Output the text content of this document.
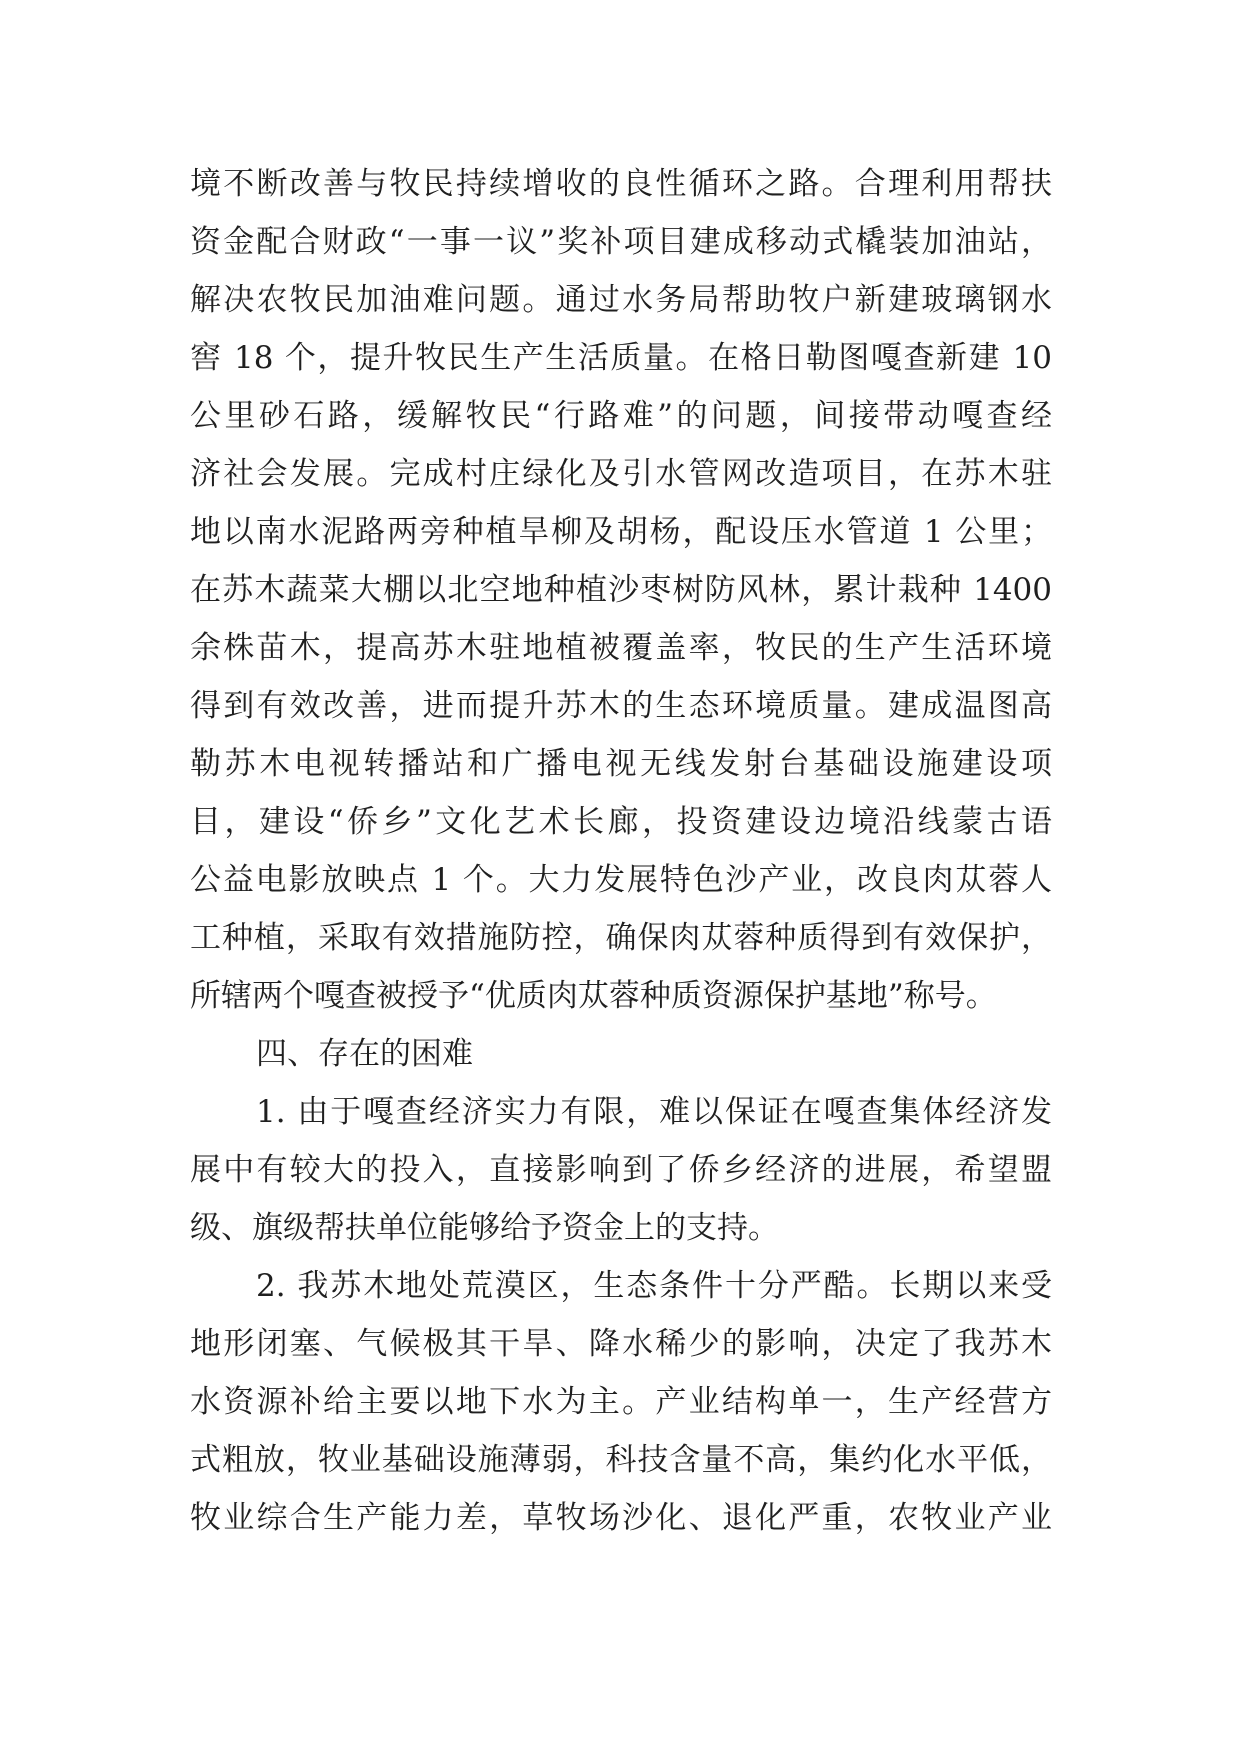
境不断改善与牧民持续增收的良性循环之路。合理利用帮扶
资金配合财政“一事一议”奖补项目建成移动式橇装加油站，
解决农牧民加油难问题。通过水务局帮助牧户新建玻璃钢水
窖 18 个，提升牧民生产生活质量。在格日勒图嘎查新建 10
公里砂石路，缓解牧民“行路难”的问题，间接带动嘎查经
济社会发展。完成村庄绿化及引水管网改造项目，在苏木驻
地以南水泥路两旁种植旱柳及胡杨，配设压水管道 1 公里；
在苏木蔬菜大棚以北空地种植沙枣树防风林，累计栽种 1400
余株苗木，提高苏木驻地植被覆盖率，牧民的生产生活环境
得到有效改善，进而提升苏木的生态环境质量。建成温图高
勒苏木电视转播站和广播电视无线发射台基础设施建设项
目，建设“侨乡”文化艺术长廊，投资建设边境沿线蒙古语
公益电影放映点 1 个。大力发展特色沙产业，改良肉苁蓉人
工种植，采取有效措施防控，确保肉苁蓉种质得到有效保护，
所辖两个嘎查被授予“优质肉苁蓉种质资源保护基地”称号。
四、存在的困难
1. 由于嘎查经济实力有限，难以保证在嘎查集体经济发
展中有较大的投入，直接影响到了侨乡经济的进展，希望盟
级、旗级帮扶单位能够给予资金上的支持。
2. 我苏木地处荒漠区，生态条件十分严酷。长期以来受
地形闭塞、气候极其干旱、降水稀少的影响，决定了我苏木
水资源补给主要以地下水为主。产业结构单一，生产经营方
式粗放，牧业基础设施薄弱，科技含量不高，集约化水平低，
牧业综合生产能力差，草牧场沙化、退化严重，农牧业产业
